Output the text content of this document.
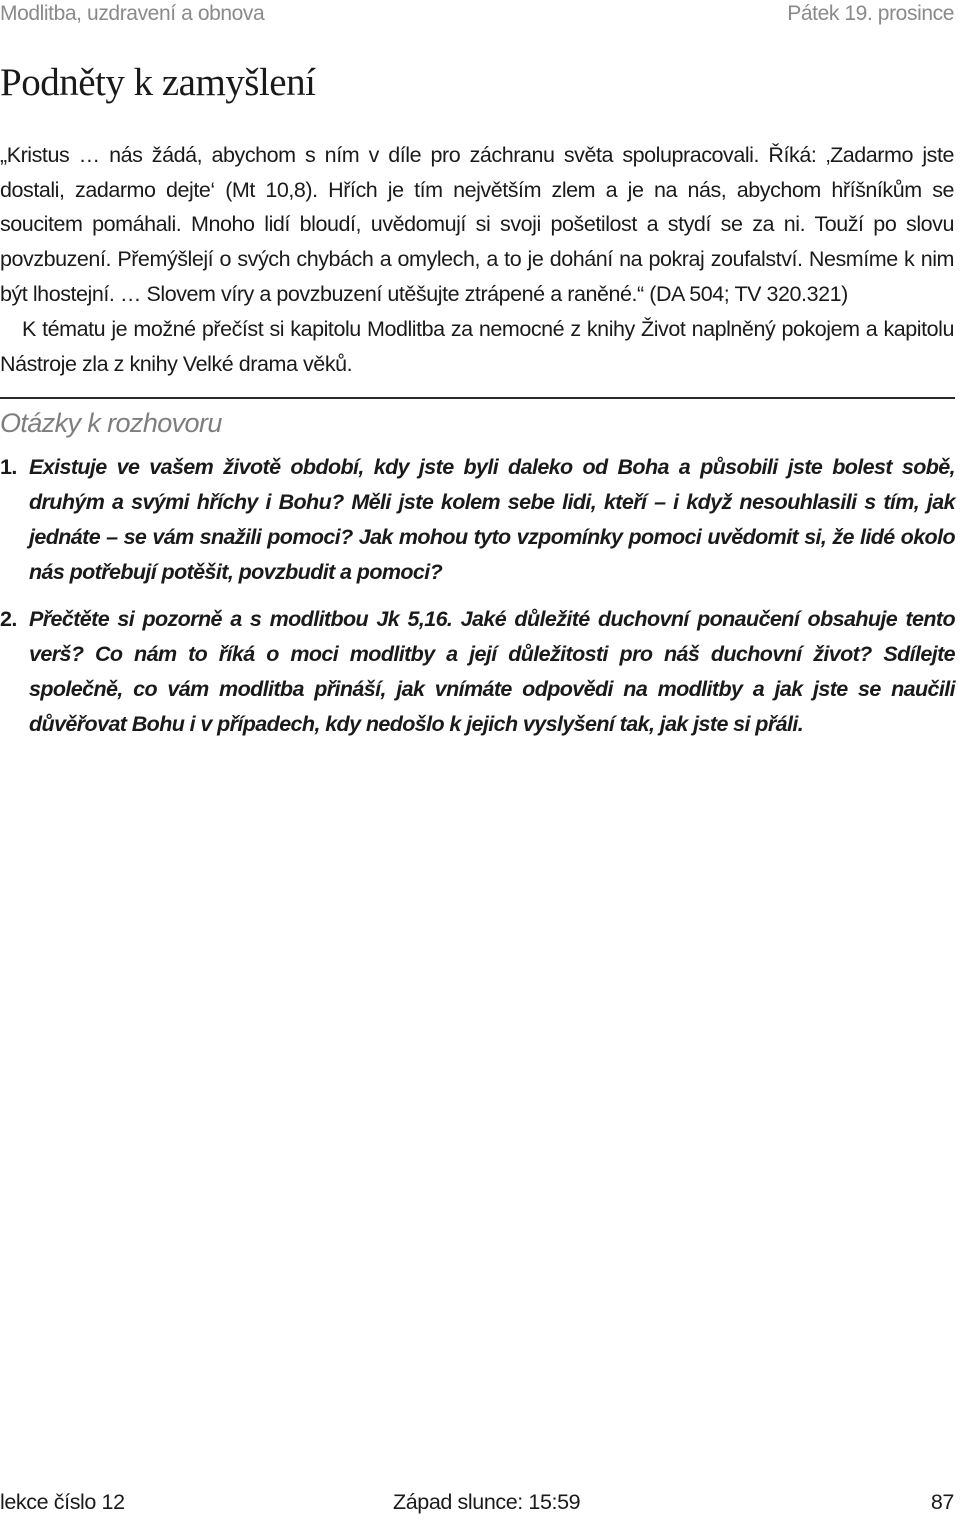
Modlitba, uzdravení a obnova	Pátek 19. prosince
Podněty k zamyšlení

„Kristus … nás žádá, abychom s ním v díle pro záchranu světa spolupracovali. Říká: ‚Zadarmo jste dostali, zadarmo dejte‘ (Mt 10,8). Hřích je tím největším zlem a je na nás, abychom hříšníkům se soucitem pomáhali. Mnoho lidí bloudí, uvědomují si svoji pošetilost a stydí se za ni. Touží po slovu povzbuzení. Přemýšlejí o svých chybách a omylech, a to je dohání na pokraj zoufalství. Nesmíme k nim být lhostejní. … Slovem víry a povzbuzení utěšujte ztrápené a raněné.“ (DA 504; TV 320.321)

K tématu je možné přečíst si kapitolu Modlitba za nemocné z knihy Život naplněný pokojem a kapitolu Nástroje zla z knihy Velké drama věků.

Otázky k rozhovoru
1. Existuje ve vašem životě období, kdy jste byli daleko od Boha a působili jste bolest sobě, druhým a svými hříchy i Bohu? Měli jste kolem sebe lidi, kteří – i když nesouhlasili s tím, jak jednáte – se vám snažili pomoci? Jak mohou tyto vzpomínky pomoci uvědomit si, že lidé okolo nás potřebují potěšit, povzbudit a pomoci?
2. Přečtěte si pozorně a s modlitbou Jk 5,16. Jaké důležité duchovní ponaučení obsahuje tento verš? Co nám to říká o moci modlitby a její důležitosti pro náš duchovní život? Sdílejte společně, co vám modlitba přináší, jak vnímáte odpovědi na modlitby a jak jste se naučili důvěřovat Bohu i v případech, kdy nedošlo k jejich vyslyšení tak, jak jste si přáli.
lekce číslo 12	Západ slunce: 15:59	87
